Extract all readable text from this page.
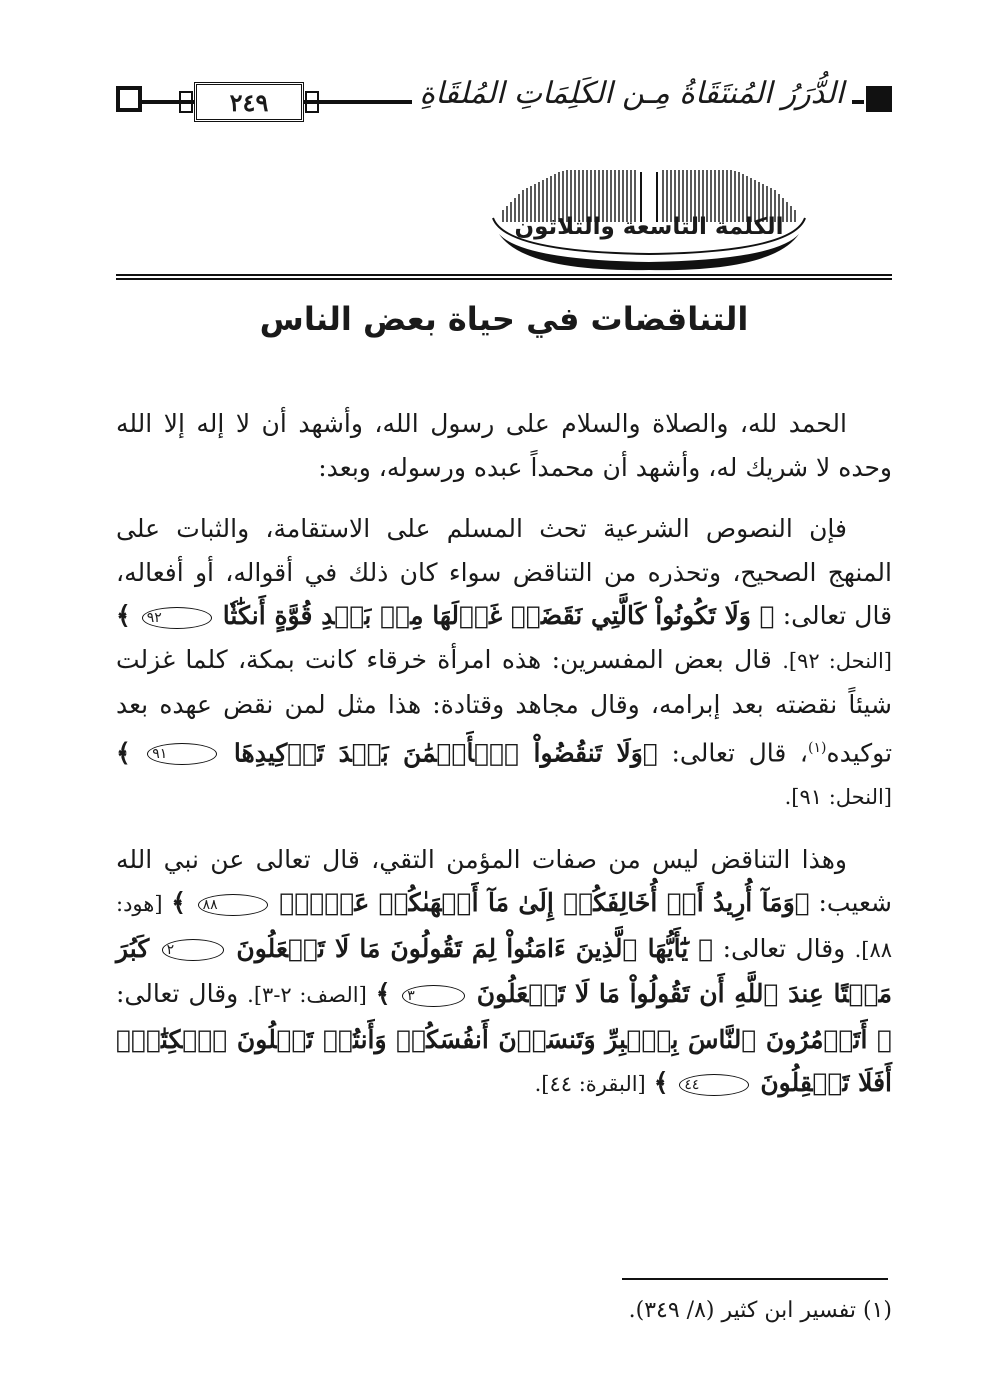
٢٤٩	الدُّرَرُ المُنتَقَاةُ مِـن الكَلِمَاتِ المُلقَاةِ
الكلمة التاسعة والثلاثون
التناقضات في حياة بعض الناس

الحمد لله، والصلاة والسلام على رسول الله، وأشهد أن لا إله إلا الله وحده لا شريك له، وأشهد أن محمداً عبده ورسوله، وبعد:

فإن النصوص الشرعية تحث المسلم على الاستقامة، والثبات على المنهج الصحيح، وتحذره من التناقض سواء كان ذلك في أقواله، أو أفعاله، قال تعالى: ﴿ وَلَا تَكُونُواْ كَالَّتِي نَقَضَتۡ غَزۡلَهَا مِنۢ بَعۡدِ قُوَّةٍ أَنكَٰثٗا ٩٢ ﴾ [النحل: ٩٢]. قال بعض المفسرين: هذه امرأة خرقاء كانت بمكة، كلما غزلت شيئاً نقضته بعد إبرامه، وقال مجاهد وقتادة: هذا مثل لمن نقض عهده بعد توكيده$^{(١)}$، قال تعالى: ﴿وَلَا تَنقُضُواْ ٱلۡأَيۡمَٰنَ بَعۡدَ تَوۡكِيدِهَا ٩١ ﴾ [النحل: ٩١].

وهذا التناقض ليس من صفات المؤمن التقي، قال تعالى عن نبي الله شعيب: ﴿وَمَآ أُرِيدُ أَنۡ أُخَالِفَكُمۡ إِلَىٰ مَآ أَنۡهَىٰكُمۡ عَنۡهُۚ ٨٨ ﴾ [هود: ٨٨]. وقال تعالى: ﴿ يَٰٓأَيُّهَا ٱلَّذِينَ ءَامَنُواْ لِمَ تَقُولُونَ مَا لَا تَفۡعَلُونَ ٢ كَبُرَ مَقۡتًا عِندَ ٱللَّهِ أَن تَقُولُواْ مَا لَا تَفۡعَلُونَ ٣ ﴾ [الصف: ٢-٣]. وقال تعالى: ﴿ أَتَأۡمُرُونَ ٱلنَّاسَ بِٱلۡبِرِّ وَتَنسَوۡنَ أَنفُسَكُمۡ وَأَنتُمۡ تَتۡلُونَ ٱلۡكِتَٰبَۚ أَفَلَا تَعۡقِلُونَ ٤٤ ﴾ [البقرة: ٤٤].

(١) تفسير ابن كثير (٨/ ٣٤٩).
